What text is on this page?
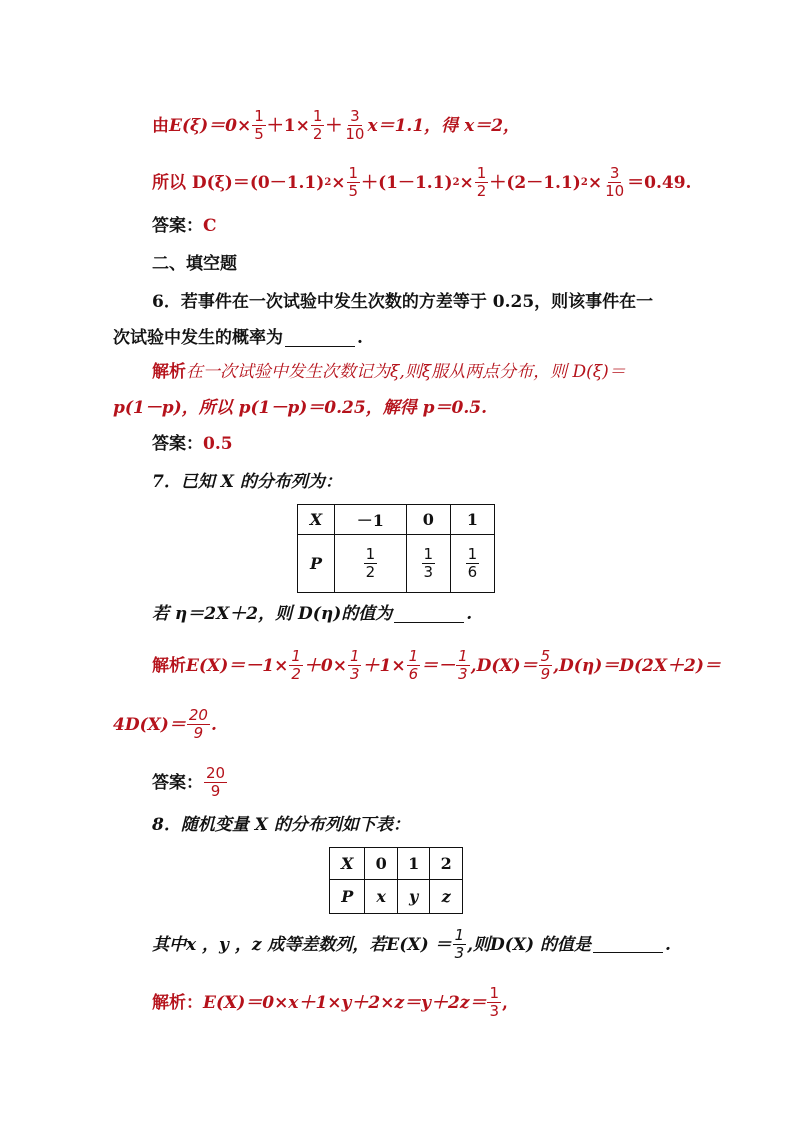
由 $E(\xi)=0\times \frac{1}{5} +1\times \frac{1}{2} + \frac{3}{10} x=1.1$，得 x＝2，
所以 D(ξ)＝(0－1.1) $2 \times \frac{1}{5} +(1-1.1) 2 \times \frac{1}{2} +(2-1.1) 2 \times \frac{3}{10} =0.49$.
答案： C
二、填空题
6．若事件在一次试验中发生次数的方差等于 0.25，则该事件在一
次试验中发生的概率为	.
解析 在一次试验中发生次数记为ξ,则ξ服从两点分布，则 D(ξ)＝
p(1－p)，所以 p(1－p)＝0.25，解得 p＝0.5.
答案： 0.5
7．已知 X 的分布列为：
X	－1	0	1
P	$\frac{1}{2}$	$\frac{1}{3}$	$\frac{1}{6}$
若 η＝2X＋2，则 D(η)的值为	.
解析 $E(X)=-1\times \frac{1}{2} +0\times \frac{1}{3} +1\times \frac{1}{6} =- \frac{1}{3} ,D(X)= \frac{5}{9} ,D(\eta)=D(2X+2)=$
$4D(X)= \frac{20}{9}$ .
答案： $\frac{20}{9}$
8．随机变量 X 的分布列如下表：
X	0	1	2
P	x	y	z
其中x ，y ，z 成等差数列，若$E(X) = \frac{1}{3}$ ,则D(X) 的值是	.
解析： $E(X)=0\times x+1\times y+2\times z=y+2z= \frac{1}{3}$ ,
